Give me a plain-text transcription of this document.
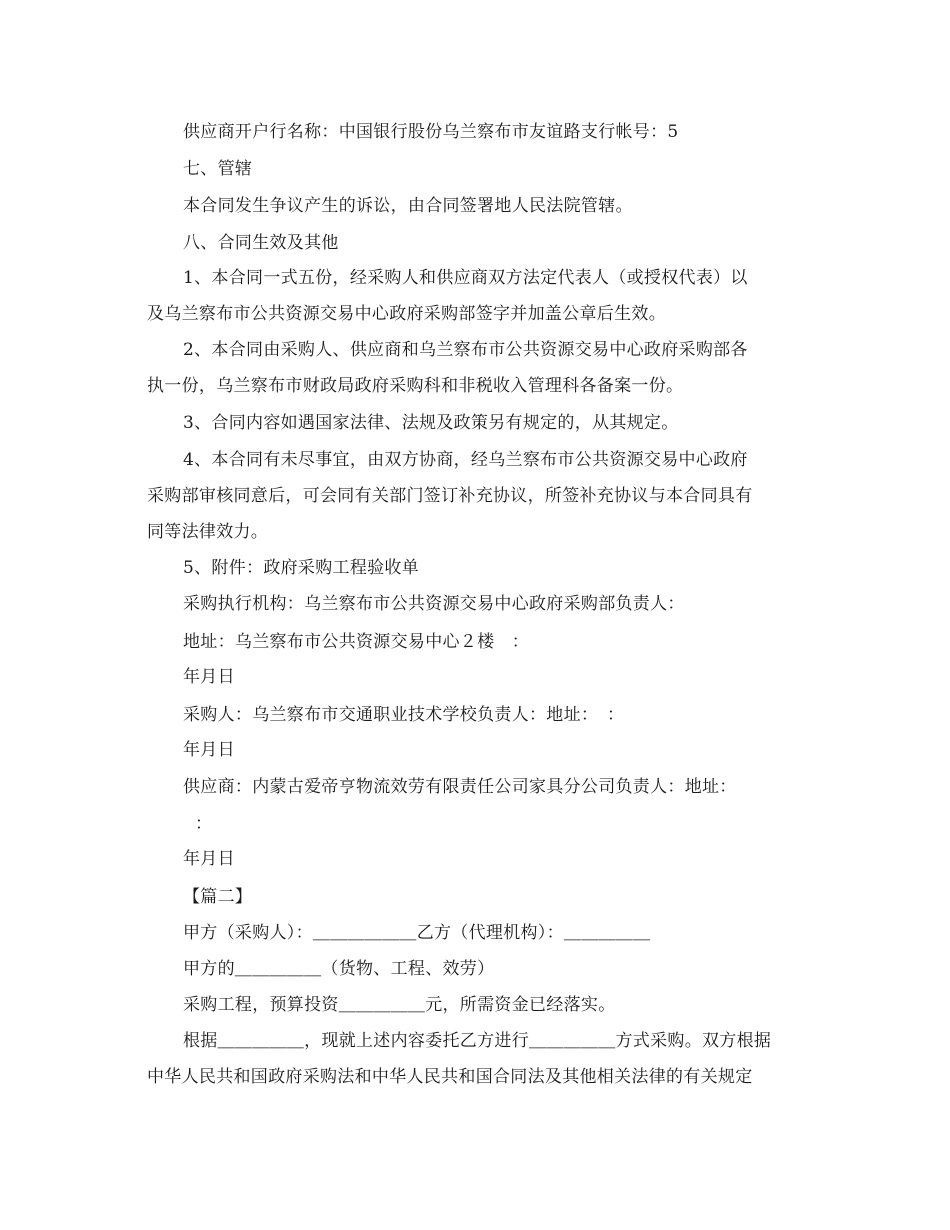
供应商开户行名称：中国银行股份乌兰察布市友谊路支行帐号：5
七、管辖
本合同发生争议产生的诉讼，由合同签署地人民法院管辖。
八、合同生效及其他
1、本合同一式五份，经采购人和供应商双方法定代表人（或授权代表）以
及乌兰察布市公共资源交易中心政府采购部签字并加盖公章后生效。
2、本合同由采购人、供应商和乌兰察布市公共资源交易中心政府采购部各
执一份，乌兰察布市财政局政府采购科和非税收入管理科各备案一份。
3、合同内容如遇国家法律、法规及政策另有规定的，从其规定。
4、本合同有未尽事宜，由双方协商，经乌兰察布市公共资源交易中心政府
采购部审核同意后，可会同有关部门签订补充协议，所签补充协议与本合同具有
同等法律效力。
5、附件：政府采购工程验收单
采购执行机构：乌兰察布市公共资源交易中心政府采购部负责人：
地址：乌兰察布市公共资源交易中心２楼　：
年月日
采购人：乌兰察布市交通职业技术学校负责人：地址：　：
年月日
供应商：内蒙古爱帝亨物流效劳有限责任公司家具分公司负责人：地址：
：
年月日
【篇二】
甲方（采购人）：＿＿＿＿＿＿乙方（代理机构）：＿＿＿＿＿
甲方的＿＿＿＿＿（货物、工程、效劳）
采购工程，预算投资＿＿＿＿＿元，所需资金已经落实。
根据＿＿＿＿＿，现就上述内容委托乙方进行＿＿＿＿＿方式采购。双方根据
中华人民共和国政府采购法和中华人民共和国合同法及其他相关法律的有关规定
